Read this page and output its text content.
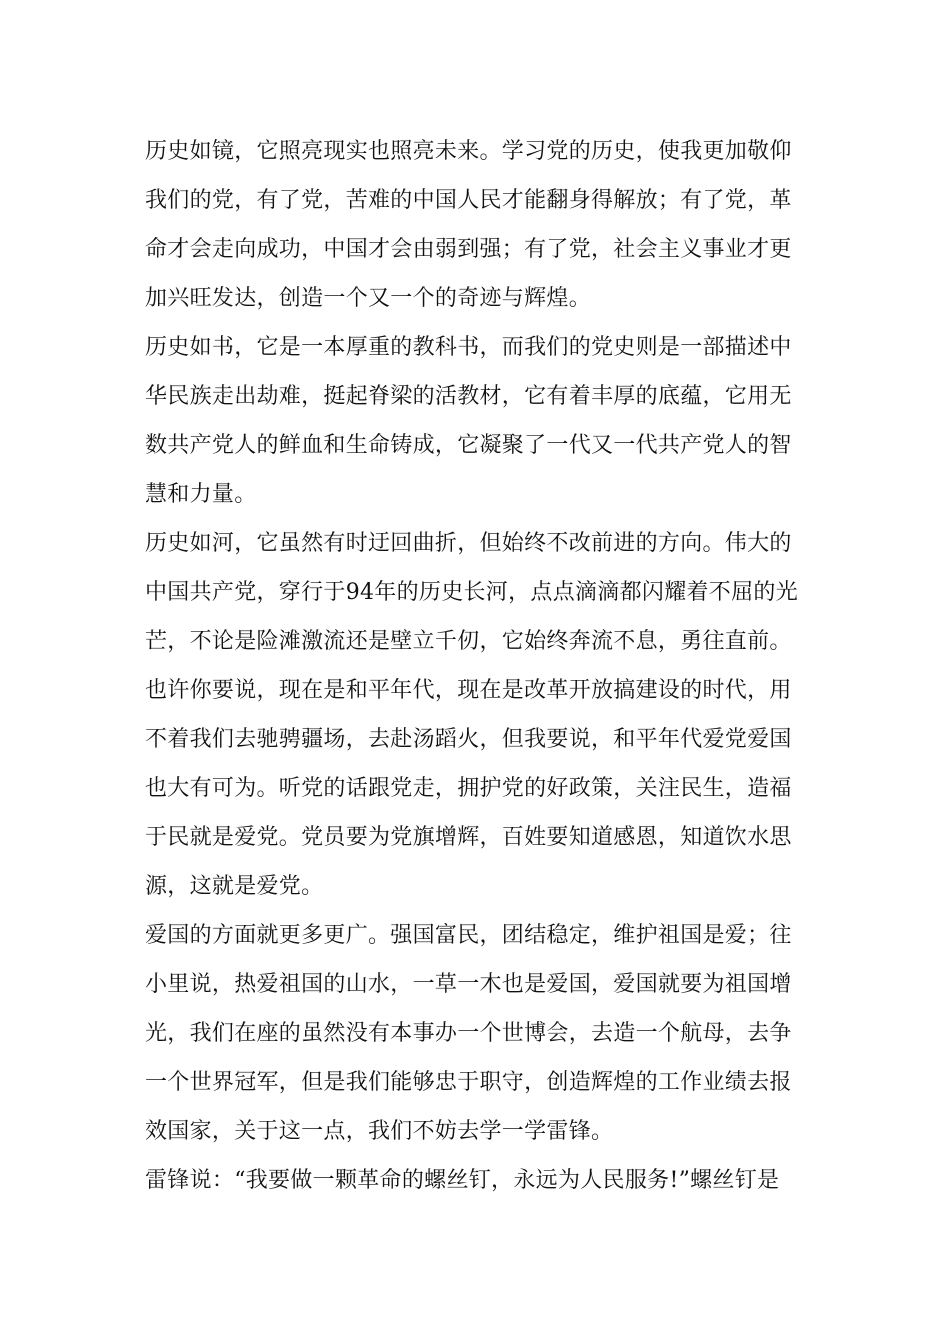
历史如镜，它照亮现实也照亮未来。学习党的历史，使我更加敬仰
我们的党，有了党，苦难的中国人民才能翻身得解放；有了党，革
命才会走向成功，中国才会由弱到强；有了党，社会主义事业才更
加兴旺发达，创造一个又一个的奇迹与辉煌。
历史如书，它是一本厚重的教科书，而我们的党史则是一部描述中
华民族走出劫难，挺起脊梁的活教材，它有着丰厚的底蕴，它用无
数共产党人的鲜血和生命铸成，它凝聚了一代又一代共产党人的智
慧和力量。
历史如河，它虽然有时迂回曲折，但始终不改前进的方向。伟大的
中国共产党，穿行于94年的历史长河，点点滴滴都闪耀着不屈的光
芒，不论是险滩激流还是壁立千仞，它始终奔流不息，勇往直前。
也许你要说，现在是和平年代，现在是改革开放搞建设的时代，用
不着我们去驰骋疆场，去赴汤蹈火，但我要说，和平年代爱党爱国
也大有可为。听党的话跟党走，拥护党的好政策，关注民生，造福
于民就是爱党。党员要为党旗增辉，百姓要知道感恩，知道饮水思
源，这就是爱党。
爱国的方面就更多更广。强国富民，团结稳定，维护祖国是爱；往
小里说，热爱祖国的山水，一草一木也是爱国，爱国就要为祖国增
光，我们在座的虽然没有本事办一个世博会，去造一个航母，去争
一个世界冠军，但是我们能够忠于职守，创造辉煌的工作业绩去报
效国家，关于这一点，我们不妨去学一学雷锋。
雷锋说：“我要做一颗革命的螺丝钉，永远为人民服务!”螺丝钉是
